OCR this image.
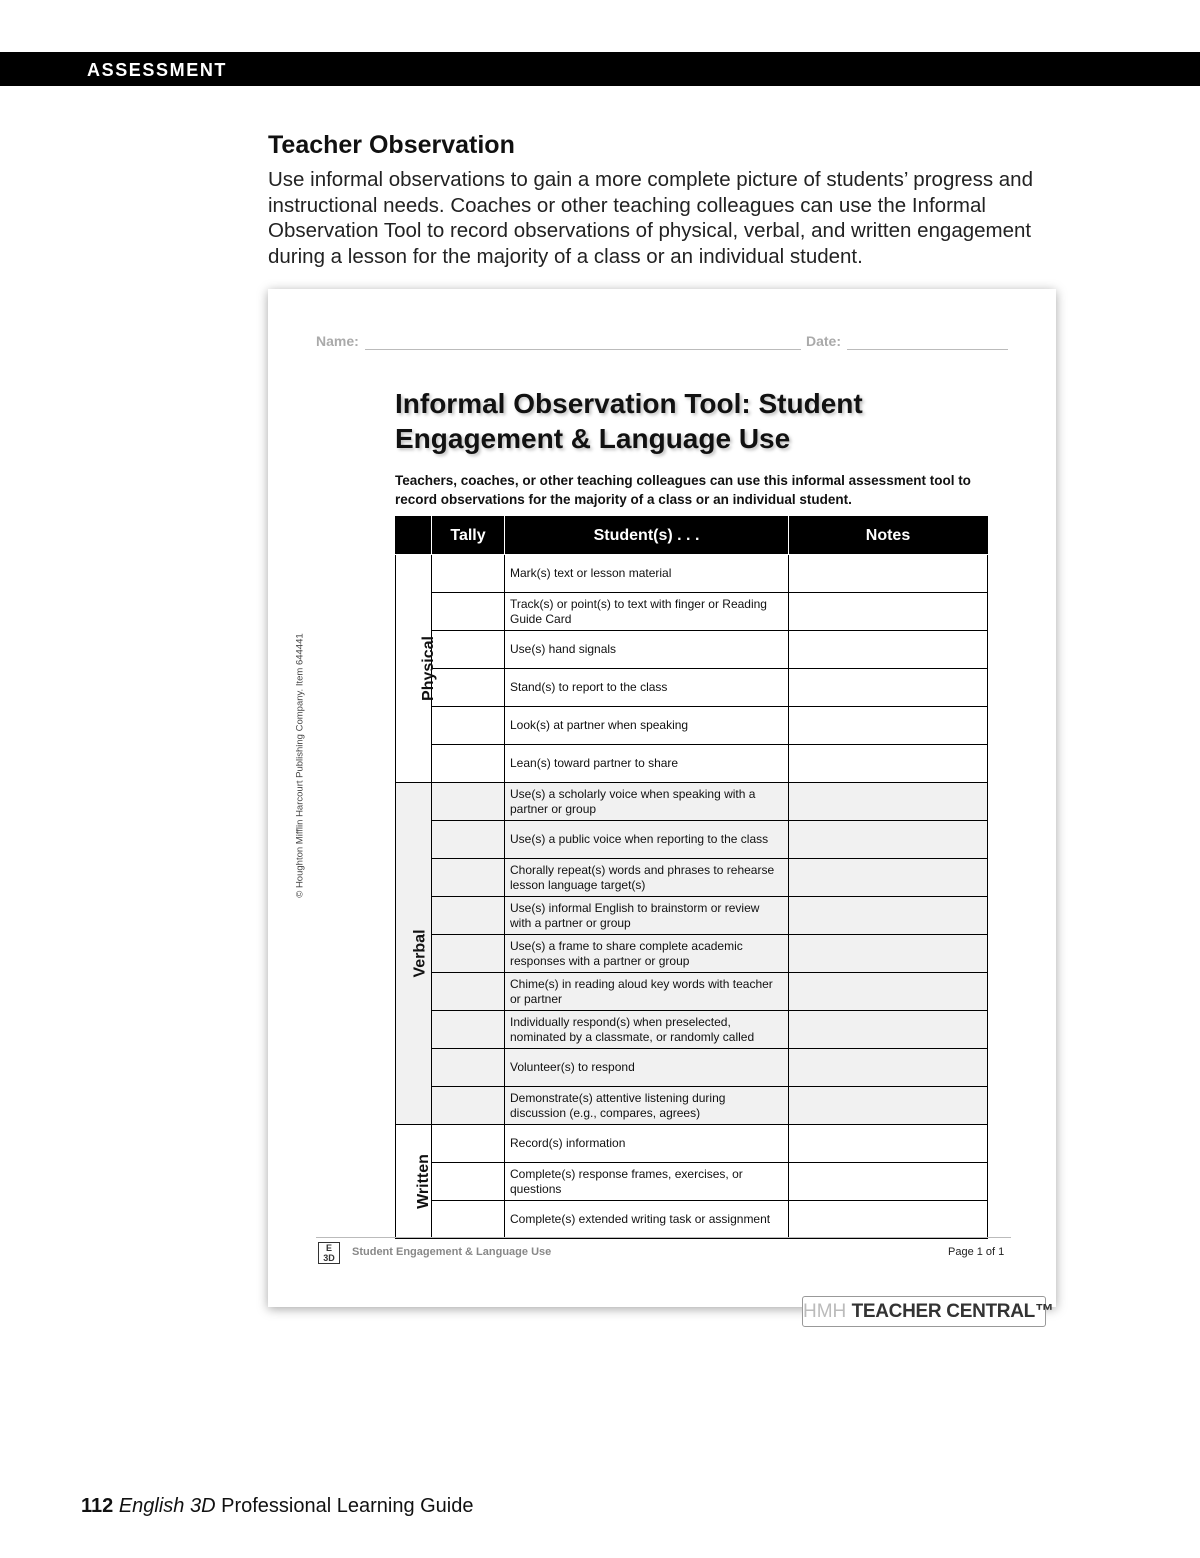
ASSESSMENT
Teacher Observation
Use informal observations to gain a more complete picture of students’ progress and instructional needs. Coaches or other teaching colleagues can use the Informal Observation Tool to record observations of physical, verbal, and written engagement during a lesson for the majority of a class or an individual student.
Name:	Date:
© Houghton Mifflin Harcourt Publishing Company. Item 644441
Informal Observation Tool: Student
Engagement & Language Use
Teachers, coaches, or other teaching colleagues can use this informal assessment tool to record observations for the majority of a class or an individual student.
	Tally	Student(s) . . .	Notes
Physical		Mark(s) text or lesson material	
		Track(s) or point(s) to text with finger or Reading Guide Card	
		Use(s) hand signals	
		Stand(s) to report to the class	
		Look(s) at partner when speaking	
		Lean(s) toward partner to share	
Verbal		Use(s) a scholarly voice when speaking with a partner or group	
		Use(s) a public voice when reporting to the class	
		Chorally repeat(s) words and phrases to rehearse lesson language target(s)	
		Use(s) informal English to brainstorm or review with a partner or group	
		Use(s) a frame to share complete academic responses with a partner or group	
		Chime(s) in reading aloud key words with teacher or partner	
		Individually respond(s) when preselected, nominated by a classmate, or randomly called	
		Volunteer(s) to respond	
		Demonstrate(s) attentive listening during discussion (e.g., compares, agrees)	
Written		Record(s) information	
		Complete(s) response frames, exercises, or questions	
		Complete(s) extended writing task or assignment	
E
3D	Student Engagement & Language Use	Page 1 of 1
HMH TEACHER CENTRAL™
112 English 3D Professional Learning Guide
